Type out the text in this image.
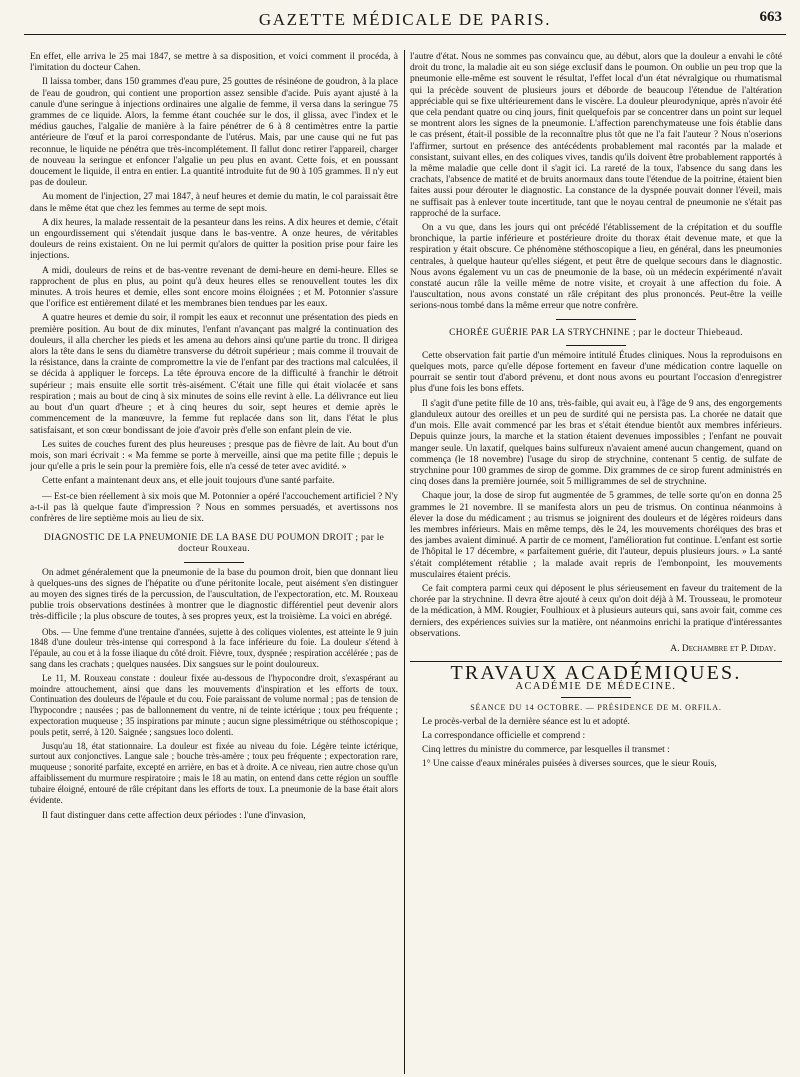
GAZETTE MÉDICALE DE PARIS.	663

En effet, elle arriva le 25 mai 1847, se mettre à sa disposition, et voici comment il procéda, à l'imitation du docteur Cahen.

Il laissa tomber, dans 150 grammes d'eau pure, 25 gouttes de résinéone de goudron, à la place de l'eau de goudron, qui contient une proportion assez sensible d'acide. Puis ayant ajusté à la canule d'une seringue à injections ordinaires une algalie de femme, il versa dans la seringue 75 grammes de ce liquide. Alors, la femme étant couchée sur le dos, il glissa, avec l'index et le médius gauches, l'algalie de manière à la faire pénétrer de 6 à 8 centimètres entre la partie antérieure de l'œuf et la paroi correspondante de l'utérus. Mais, par une cause qui ne fut pas reconnue, le liquide ne pénétra que très-incomplétement. Il fallut donc retirer l'appareil, charger de nouveau la seringue et enfoncer l'algalie un peu plus en avant. Cette fois, et en poussant doucement le liquide, il entra en entier. La quantité introduite fut de 90 à 105 grammes. Il n'y eut pas de douleur.

Au moment de l'injection, 27 mai 1847, à neuf heures et demie du matin, le col paraissait être dans le même état que chez les femmes au terme de sept mois.

A dix heures, la malade ressentait de la pesanteur dans les reins. A dix heures et demie, c'était un engourdissement qui s'étendait jusque dans le bas-ventre. A onze heures, de véritables douleurs de reins existaient. On ne lui permit qu'alors de quitter la position prise pour faire les injections.

A midi, douleurs de reins et de bas-ventre revenant de demi-heure en demi-heure. Elles se rapprochent de plus en plus, au point qu'à deux heures elles se renouvellent toutes les dix minutes. A trois heures et demie, elles sont encore moins éloignées ; et M. Potonnier s'assure que l'orifice est entièrement dilaté et les membranes bien tendues par les eaux.

A quatre heures et demie du soir, il rompit les eaux et reconnut une présentation des pieds en première position. Au bout de dix minutes, l'enfant n'avançant pas malgré la continuation des douleurs, il alla chercher les pieds et les amena au dehors ainsi qu'une partie du tronc. Il dirigea alors la tête dans le sens du diamètre transverse du détroit supérieur ; mais comme il trouvait de la résistance, dans la crainte de compromettre la vie de l'enfant par des tractions mal calculées, il se décida à appliquer le forceps. La tête éprouva encore de la difficulté à franchir le détroit supérieur ; mais ensuite elle sortit très-aisément. C'était une fille qui était violacée et sans respiration ; mais au bout de cinq à six minutes de soins elle revint à elle. La délivrance eut lieu au bout d'un quart d'heure ; et à cinq heures du soir, sept heures et demie après le commencement de la manœuvre, la femme fut replacée dans son lit, dans l'état le plus satisfaisant, et son cœur bondissant de joie d'avoir près d'elle son enfant plein de vie.

Les suites de couches furent des plus heureuses ; presque pas de fièvre de lait. Au bout d'un mois, son mari écrivait : « Ma femme se porte à merveille, ainsi que ma petite fille ; depuis le jour qu'elle a pris le sein pour la première fois, elle n'a cessé de teter avec avidité. »

Cette enfant a maintenant deux ans, et elle jouit toujours d'une santé parfaite.

— Est-ce bien réellement à six mois que M. Potonnier a opéré l'accouchement artificiel ? N'y a-t-il pas là quelque faute d'impression ? Nous en sommes persuadés, et avertissons nos confrères de lire septième mois au lieu de six.

DIAGNOSTIC DE LA PNEUMONIE DE LA BASE DU POUMON DROIT ; par le docteur Rouxeau.

On admet généralement que la pneumonie de la base du poumon droit, bien que donnant lieu à quelques-uns des signes de l'hépatite ou d'une péritonite locale, peut aisément s'en distinguer au moyen des signes tirés de la percussion, de l'auscultation, de l'expectoration, etc. M. Rouxeau publie trois observations destinées à montrer que le diagnostic différentiel peut devenir alors très-difficile ; la plus obscure de toutes, à ses propres yeux, est la troisième. La voici en abrégé.

Obs. — Une femme d'une trentaine d'années, sujette à des coliques violentes, est atteinte le 9 juin 1848 d'une douleur très-intense qui correspond à la face inférieure du foie. La douleur s'étend à l'épaule, au cou et à la fosse iliaque du côté droit. Fièvre, toux, dyspnée ; respiration accélérée ; pas de sang dans les crachats ; quelques nausées. Dix sangsues sur le point douloureux.

Le 11, M. Rouxeau constate : douleur fixée au-dessous de l'hypocondre droit, s'exaspérant au moindre attouchement, ainsi que dans les mouvements d'inspiration et les efforts de toux. Continuation des douleurs de l'épaule et du cou. Foie paraissant de volume normal ; pas de tension de l'hypocondre ; nausées ; pas de ballonnement du ventre, ni de teinte ictérique ; toux peu fréquente ; expectoration muqueuse ; 35 inspirations par minute ; aucun signe plessimétrique ou stéthoscopique ; pouls petit, serré, à 120. Saignée ; sangsues loco dolenti.

Jusqu'au 18, état stationnaire. La douleur est fixée au niveau du foie. Légère teinte ictérique, surtout aux conjonctives. Langue sale ; bouche très-amère ; toux peu fréquente ; expectoration rare, muqueuse ; sonorité parfaite, excepté en arrière, en bas et à droite. A ce niveau, rien autre chose qu'un affaiblissement du murmure respiratoire ; mais le 18 au matin, on entend dans cette région un souffle tubaire éloigné, entouré de râle crépitant dans les efforts de toux. La pneumonie de la base était alors évidente.

Il faut distinguer dans cette affection deux périodes : l'une d'invasion,

l'autre d'état. Nous ne sommes pas convaincu que, au début, alors que la douleur a envahi le côté droit du tronc, la maladie ait eu son siége exclusif dans le poumon. On oublie un peu trop que la pneumonie elle-même est souvent le résultat, l'effet local d'un état névralgique ou rhumatismal qui la précède souvent de plusieurs jours et déborde de beaucoup l'étendue de l'altération appréciable qui se fixe ultérieurement dans le viscère. La douleur pleurodynique, après n'avoir été que cela pendant quatre ou cinq jours, finit quelquefois par se concentrer dans un point sur lequel se montrent alors les signes de la pneumonie. L'affection parenchymateuse une fois établie dans le cas présent, était-il possible de la reconnaître plus tôt que ne l'a fait l'auteur ? Nous n'oserions l'affirmer, surtout en présence des antécédents probablement mal racontés par la malade et consistant, suivant elles, en des coliques vives, tandis qu'ils doivent être probablement rapportés à la même maladie que celle dont il s'agit ici. La rareté de la toux, l'absence du sang dans les crachats, l'absence de matité et de bruits anormaux dans toute l'étendue de la poitrine, étaient bien faites aussi pour dérouter le diagnostic. La constance de la dyspnée pouvait donner l'éveil, mais ne suffisait pas à enlever toute incertitude, tant que le noyau central de pneumonie ne s'était pas rapproché de la surface.

On a vu que, dans les jours qui ont précédé l'établissement de la crépitation et du souffle bronchique, la partie inférieure et postérieure droite du thorax était devenue mate, et que la respiration y était obscure. Ce phénomène stéthoscopique a lieu, en général, dans les pneumonies centrales, à quelque hauteur qu'elles siégent, et peut être de quelque secours dans le diagnostic. Nous avons également vu un cas de pneumonie de la base, où un médecin expérimenté n'avait constaté aucun râle la veille même de notre visite, et croyait à une affection du foie. A l'auscultation, nous avons constaté un râle crépitant des plus prononcés. Peut-être la veille serions-nous tombé dans la même erreur que notre confrère.

CHORÉE GUÉRIE PAR LA STRYCHNINE ; par le docteur Thiebeaud.

Cette observation fait partie d'un mémoire intitulé Études cliniques. Nous la reproduisons en quelques mots, parce qu'elle dépose fortement en faveur d'une médication contre laquelle on pourrait se sentir tout d'abord prévenu, et dont nous avons eu pourtant l'occasion d'enregistrer plus d'une fois les bons effets.

Il s'agit d'une petite fille de 10 ans, très-faible, qui avait eu, à l'âge de 9 ans, des engorgements glanduleux autour des oreilles et un peu de surdité qui ne persista pas. La chorée ne datait que d'un mois. Elle avait commencé par les bras et s'était étendue bientôt aux membres inférieurs. Depuis quinze jours, la marche et la station étaient devenues impossibles ; l'enfant ne pouvait manger seule. Un laxatif, quelques bains sulfureux n'avaient amené aucun changement, quand on commença (le 18 novembre) l'usage du sirop de strychnine, contenant 5 centig. de sulfate de strychnine pour 100 grammes de sirop de gomme. Dix grammes de ce sirop furent administrés en cinq doses dans la première journée, soit 5 milligrammes de sel de strychnine.

Chaque jour, la dose de sirop fut augmentée de 5 grammes, de telle sorte qu'on en donna 25 grammes le 21 novembre. Il se manifesta alors un peu de trismus. On continua néanmoins à élever la dose du médicament ; au trismus se joignirent des douleurs et de légères roideurs dans les membres inférieurs. Mais en même temps, dès le 24, les mouvements choréiques des bras et des jambes avaient diminué. A partir de ce moment, l'amélioration fut continue. L'enfant est sortie de l'hôpital le 17 décembre, « parfaitement guérie, dit l'auteur, depuis plusieurs jours. » La santé s'était complétement rétablie ; la malade avait repris de l'embonpoint, les mouvements musculaires étaient précis.

Ce fait comptera parmi ceux qui déposent le plus sérieusement en faveur du traitement de la chorée par la strychnine. Il devra être ajouté à ceux qu'on doit déjà à M. Trousseau, le promoteur de la médication, à MM. Rougier, Foulhioux et à plusieurs auteurs qui, sans avoir fait, comme ces derniers, des expériences suivies sur la matière, ont néanmoins enrichi la pratique d'intéressantes observations.

A. Dechambre et P. Diday.
TRAVAUX ACADÉMIQUES.
ACADÉMIE DE MÉDECINE.
SÉANCE DU 14 OCTOBRE. — PRÉSIDENCE DE M. ORFILA.

Le procès-verbal de la dernière séance est lu et adopté.

La correspondance officielle et comprend :

Cinq lettres du ministre du commerce, par lesquelles il transmet :

1° Une caisse d'eaux minérales puisées à diverses sources, que le sieur Rouis,
